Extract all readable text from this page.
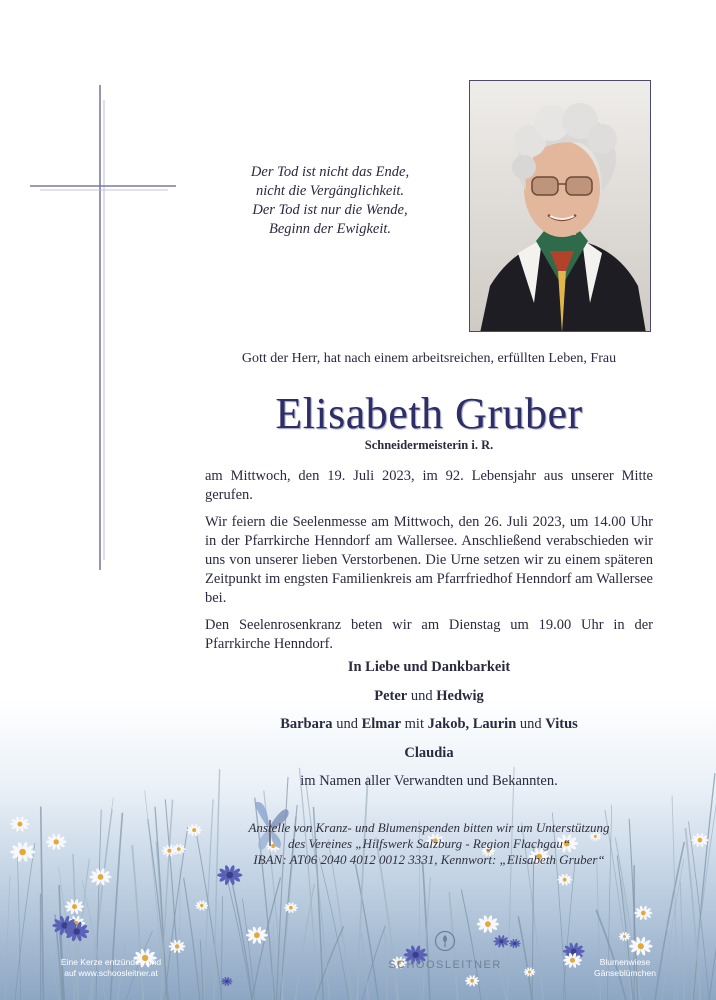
Der Tod ist nicht das Ende,
nicht die Vergänglichkeit.
Der Tod ist nur die Wende,
Beginn der Ewigkeit.
Gott der Herr, hat nach einem arbeitsreichen, erfüllten Leben, Frau
Elisabeth Gruber
Schneidermeisterin i. R.

am Mittwoch, den 19. Juli 2023, im 92. Lebensjahr aus unserer Mitte gerufen.

Wir feiern die Seelenmesse am Mittwoch, den 26. Juli 2023, um 14.00 Uhr in der Pfarrkirche Henndorf am Wallersee. Anschließend verabschieden wir uns von unserer lieben Verstorbenen. Die Urne setzen wir zu einem späteren Zeitpunkt im engsten Familienkreis am Pfarrfriedhof Henndorf am Wallersee bei.

Den Seelenrosenkranz beten wir am Dienstag um 19.00 Uhr in der Pfarrkirche Henndorf.

In Liebe und Dankbarkeit
Peter und Hedwig
Barbara und Elmar mit Jakob, Laurin und Vitus
Claudia
im Namen aller Verwandten und Bekannten.
Anstelle von Kranz- und Blumenspenden bitten wir um Unterstützung
des Vereines „Hilfswerk Salzburg - Region Flachgau“
IBAN: AT06 2040 4012 0012 3331, Kennwort: „Elisabeth Gruber“
Eine Kerze entzünden und
auf www.schoosleitner.at
SCHOOSLEITNER	Blumenwiese
Gänseblümchen
